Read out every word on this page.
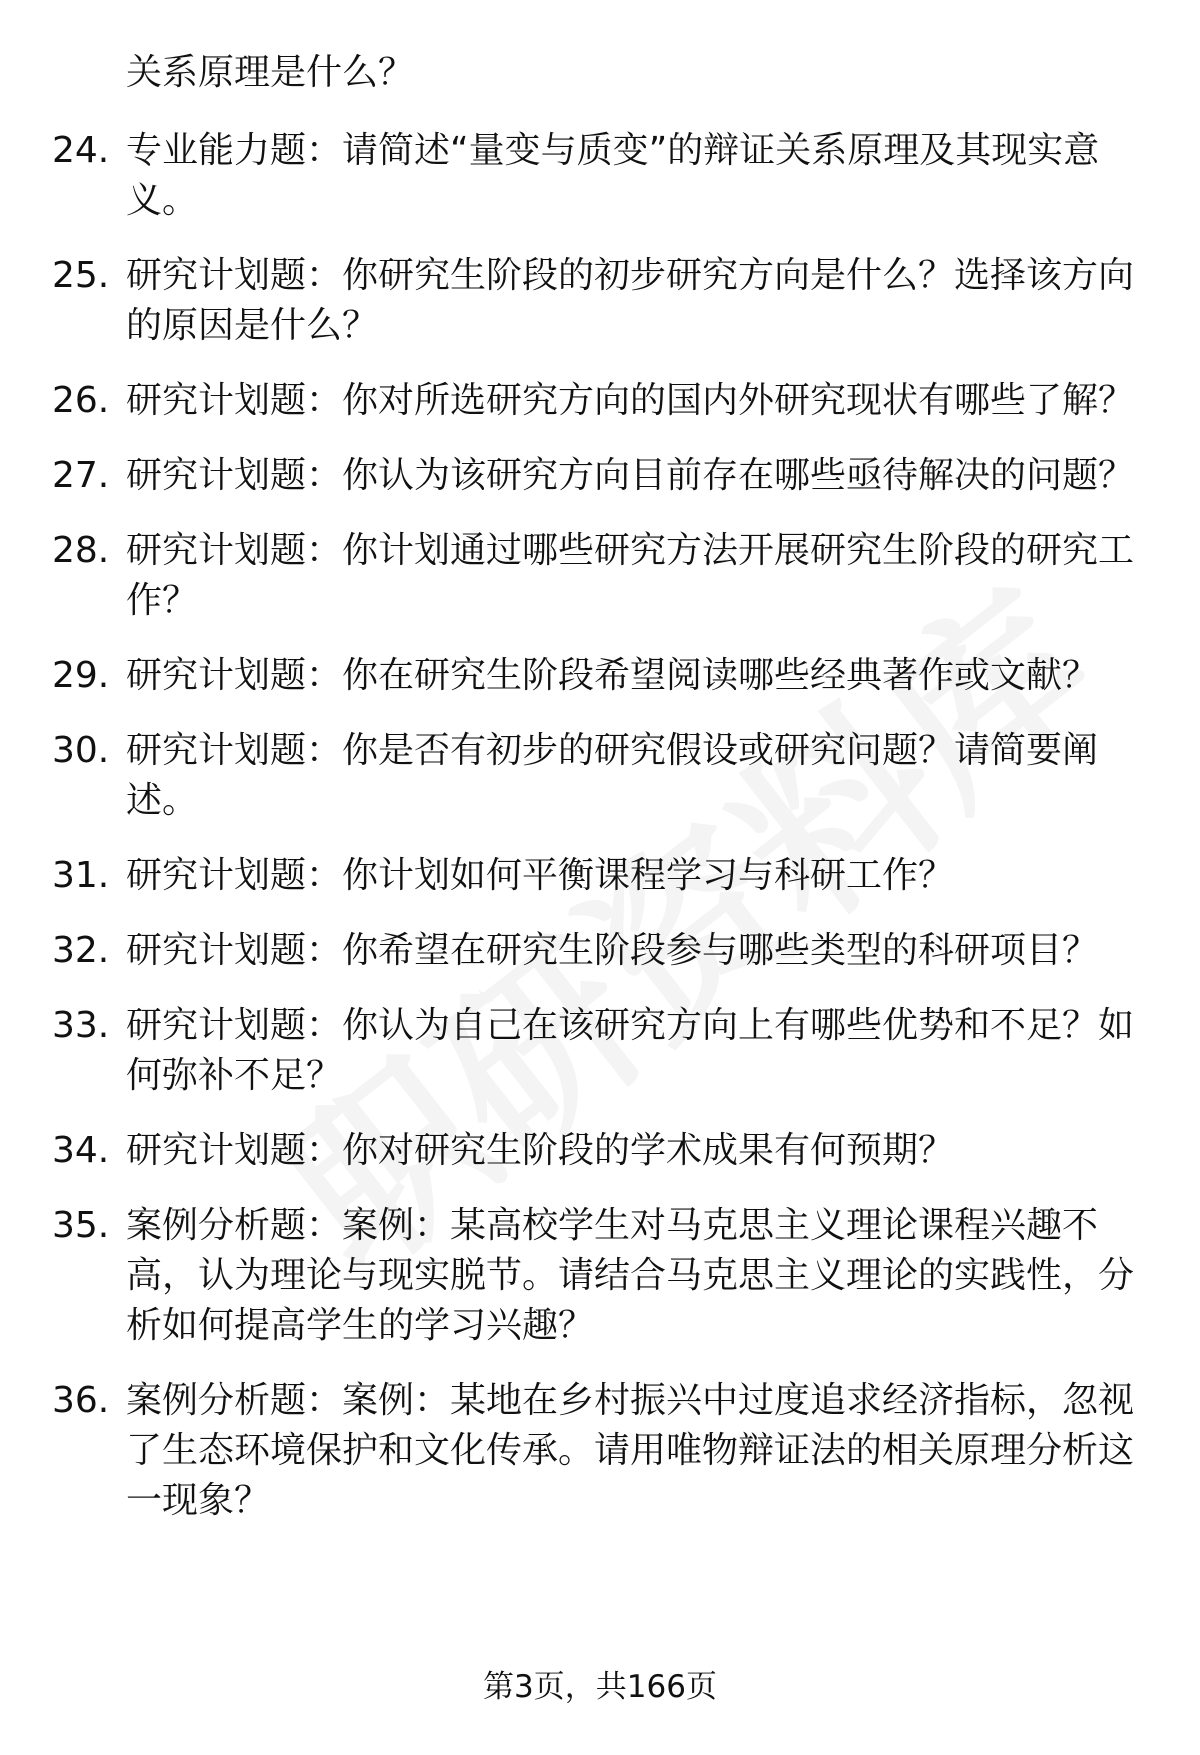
关系原理是什么？
24. 专业能力题：请简述“量变与质变”的辩证关系原理及其现实意义。
25. 研究计划题：你研究生阶段的初步研究方向是什么？选择该方向的原因是什么？
26. 研究计划题：你对所选研究方向的国内外研究现状有哪些了解？
27. 研究计划题：你认为该研究方向目前存在哪些亟待解决的问题？
28. 研究计划题：你计划通过哪些研究方法开展研究生阶段的研究工作？
29. 研究计划题：你在研究生阶段希望阅读哪些经典著作或文献？
30. 研究计划题：你是否有初步的研究假设或研究问题？请简要阐述。
31. 研究计划题：你计划如何平衡课程学习与科研工作？
32. 研究计划题：你希望在研究生阶段参与哪些类型的科研项目？
33. 研究计划题：你认为自己在该研究方向上有哪些优势和不足？如何弥补不足？
34. 研究计划题：你对研究生阶段的学术成果有何预期？
35. 案例分析题：案例：某高校学生对马克思主义理论课程兴趣不高，认为理论与现实脱节。请结合马克思主义理论的实践性，分析如何提高学生的学习兴趣？
36. 案例分析题：案例：某地在乡村振兴中过度追求经济指标，忽视了生态环境保护和文化传承。请用唯物辩证法的相关原理分析这一现象？
第3页，共166页
